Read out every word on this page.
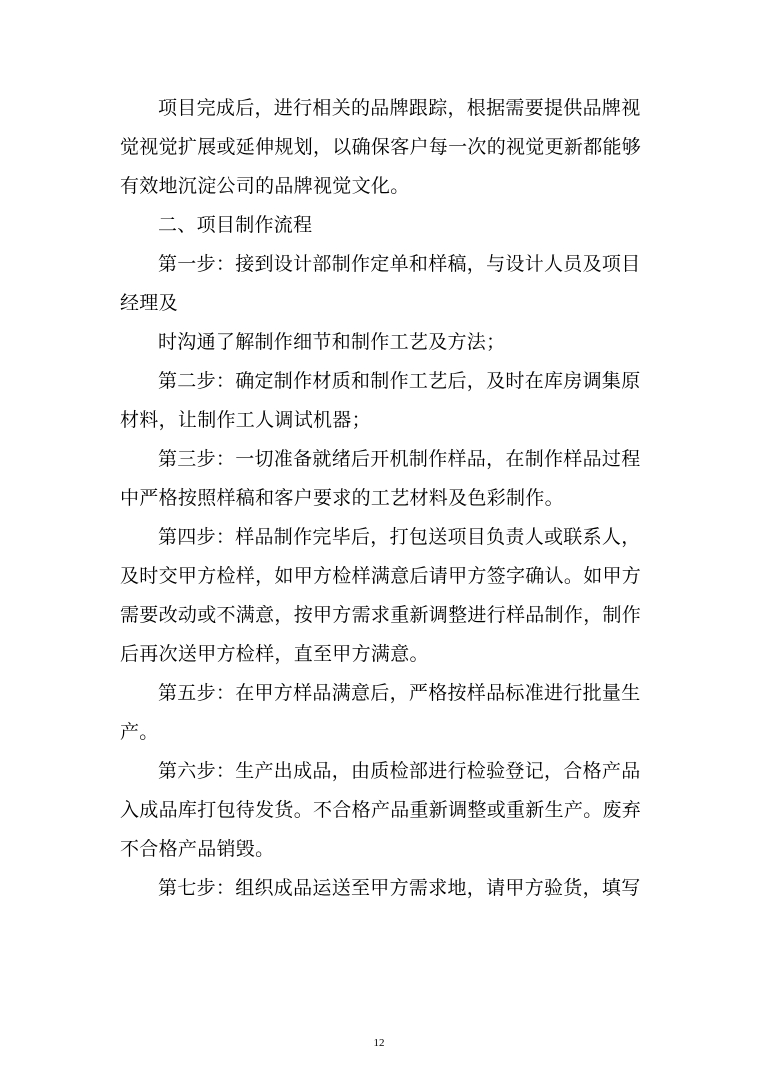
项目完成后，进行相关的品牌跟踪，根据需要提供品牌视
觉视觉扩展或延伸规划，以确保客户每一次的视觉更新都能够
有效地沉淀公司的品牌视觉文化。
二、项目制作流程
第一步：接到设计部制作定单和样稿，与设计人员及项目
经理及
时沟通了解制作细节和制作工艺及方法；
第二步：确定制作材质和制作工艺后，及时在库房调集原
材料，让制作工人调试机器；
第三步：一切准备就绪后开机制作样品，在制作样品过程
中严格按照样稿和客户要求的工艺材料及色彩制作。
第四步：样品制作完毕后，打包送项目负责人或联系人，
及时交甲方检样，如甲方检样满意后请甲方签字确认。如甲方
需要改动或不满意，按甲方需求重新调整进行样品制作，制作
后再次送甲方检样，直至甲方满意。
第五步：在甲方样品满意后，严格按样品标准进行批量生
产。
第六步：生产出成品，由质检部进行检验登记，合格产品
入成品库打包待发货。不合格产品重新调整或重新生产。废弃
不合格产品销毁。
第七步：组织成品运送至甲方需求地，请甲方验货，填写
12
